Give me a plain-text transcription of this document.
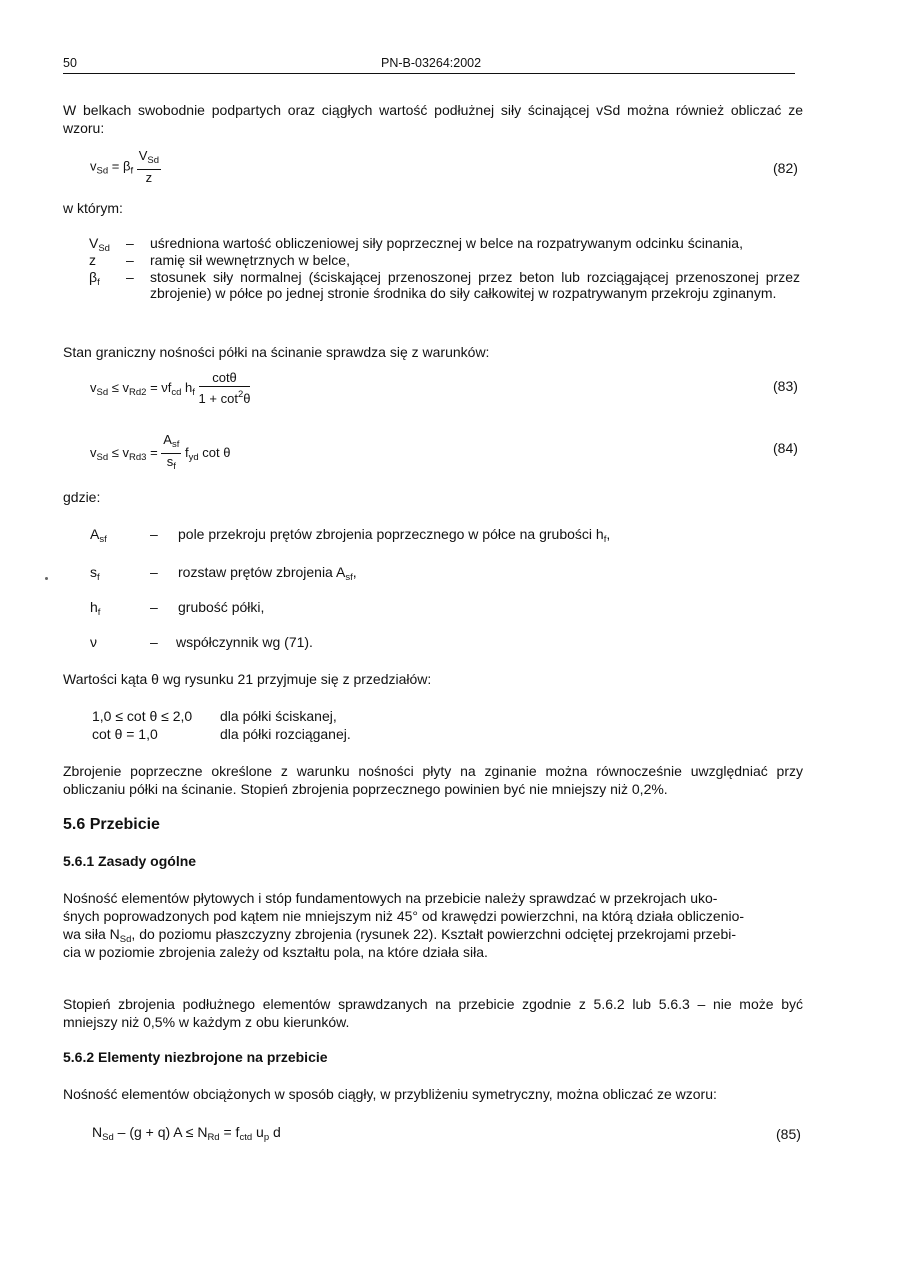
50	PN-B-03264:2002
W belkach swobodnie podpartych oraz ciągłych wartość podłużnej siły ścinającej vSd można również obliczać ze wzoru:
$v_{Sd} = \beta_f \frac{V_{Sd}}{z}$	(82)
w którym:
$V_{Sd}$	– uśredniona wartość obliczeniowej siły poprzecznej w belce na rozpatrywanym odcinku ścinania,
z	– ramię sił wewnętrznych w belce,
$\beta_f$	– stosunek siły normalnej (ściskającej przenoszonej przez beton lub rozciągającej przenoszonej przez zbrojenie) w półce po jednej stronie środnika do siły całkowitej w rozpatrywanym przekroju zginanym.
Stan graniczny nośności półki na ścinanie sprawdza się z warunków:
$v_{Sd} \le v_{Rd2} = \nu f_{cd}$ $h_f \frac{\cot\theta}{1 + \cot^2\theta}$	(83)
$v_{Sd} \le v_{Rd3} = \frac{A_{sf}}{s_f} f_{yd}$ cot θ	(84)
gdzie:
$A_{sf}$	– pole przekroju prętów zbrojenia poprzecznego w półce na grubości $h_f$,
$s_f$	– rozstaw prętów zbrojenia $A_{sf}$,
$h_f$	– grubość półki,
ν	– współczynnik wg (71).
Wartości kąta θ wg rysunku 21 przyjmuje się z przedziałów:
1,0 ≤ cot θ ≤ 2,0 dla półki ściskanej,
cot θ = 1,0	dla półki rozciąganej.
Zbrojenie poprzeczne określone z warunku nośności płyty na zginanie można równocześnie uwzględniać przy obliczaniu półki na ścinanie. Stopień zbrojenia poprzecznego powinien być nie mniejszy niż 0,2%.
5.6 Przebicie
5.6.1 Zasady ogólne
Nośność elementów płytowych i stóp fundamentowych na przebicie należy sprawdzać w przekrojach uko-
śnych poprowadzonych pod kątem nie mniejszym niż 45° od krawędzi powierzchni, na którą działa obliczenio-
wa siła $N_{Sd}$, do poziomu płaszczyzny zbrojenia (rysunek 22). Kształt powierzchni odciętej przekrojami przebi-
cia w poziomie zbrojenia zależy od kształtu pola, na które działa siła.
Stopień zbrojenia podłużnego elementów sprawdzanych na przebicie zgodnie z 5.6.2 lub 5.6.3 – nie może być mniejszy niż 0,5% w każdym z obu kierunków.
5.6.2 Elementy niezbrojone na przebicie
Nośność elementów obciążonych w sposób ciągły, w przybliżeniu symetryczny, można obliczać ze wzoru:
$N_{Sd} - (g + q) A \le N_{Rd} = f_{ctd}$ $u_p$ d	(85)
